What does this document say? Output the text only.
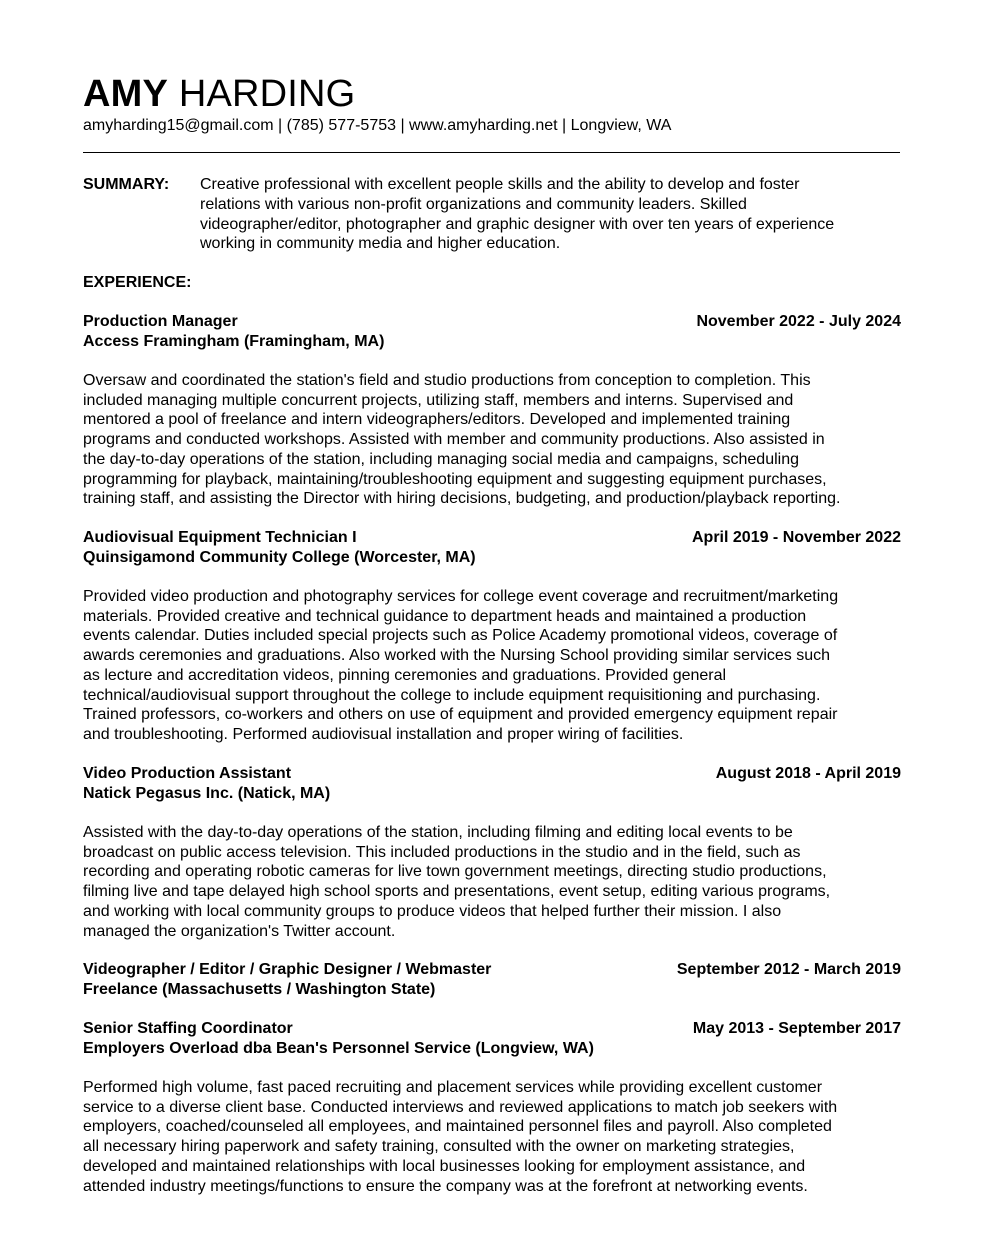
AMY HARDING
amyharding15@gmail.com | (785) 577-5753 | www.amyharding.net | Longview, WA
SUMMARY: Creative professional with excellent people skills and the ability to develop and foster
relations with various non-profit organizations and community leaders. Skilled
videographer/editor, photographer and graphic designer with over ten years of experience
working in community media and higher education.
EXPERIENCE:
Production Manager	November 2022 - July 2024
Access Framingham (Framingham, MA)
Oversaw and coordinated the station's field and studio productions from conception to completion. This
included managing multiple concurrent projects, utilizing staff, members and interns. Supervised and
mentored a pool of freelance and intern videographers/editors. Developed and implemented training
programs and conducted workshops. Assisted with member and community productions. Also assisted in
the day-to-day operations of the station, including managing social media and campaigns, scheduling
programming for playback, maintaining/troubleshooting equipment and suggesting equipment purchases,
training staff, and assisting the Director with hiring decisions, budgeting, and production/playback reporting.
Audiovisual Equipment Technician I	April 2019 - November 2022
Quinsigamond Community College (Worcester, MA)
Provided video production and photography services for college event coverage and recruitment/marketing
materials. Provided creative and technical guidance to department heads and maintained a production
events calendar. Duties included special projects such as Police Academy promotional videos, coverage of
awards ceremonies and graduations. Also worked with the Nursing School providing similar services such
as lecture and accreditation videos, pinning ceremonies and graduations. Provided general
technical/audiovisual support throughout the college to include equipment requisitioning and purchasing.
Trained professors, co-workers and others on use of equipment and provided emergency equipment repair
and troubleshooting. Performed audiovisual installation and proper wiring of facilities.
Video Production Assistant	August 2018 - April 2019
Natick Pegasus Inc. (Natick, MA)
Assisted with the day-to-day operations of the station, including filming and editing local events to be
broadcast on public access television. This included productions in the studio and in the field, such as
recording and operating robotic cameras for live town government meetings, directing studio productions,
filming live and tape delayed high school sports and presentations, event setup, editing various programs,
and working with local community groups to produce videos that helped further their mission. I also
managed the organization's Twitter account.
Videographer / Editor / Graphic Designer / Webmaster	September 2012 - March 2019
Freelance (Massachusetts / Washington State)
Senior Staffing Coordinator	May 2013 - September 2017
Employers Overload dba Bean's Personnel Service (Longview, WA)
Performed high volume, fast paced recruiting and placement services while providing excellent customer
service to a diverse client base. Conducted interviews and reviewed applications to match job seekers with
employers, coached/counseled all employees, and maintained personnel files and payroll. Also completed
all necessary hiring paperwork and safety training, consulted with the owner on marketing strategies,
developed and maintained relationships with local businesses looking for employment assistance, and
attended industry meetings/functions to ensure the company was at the forefront at networking events.
